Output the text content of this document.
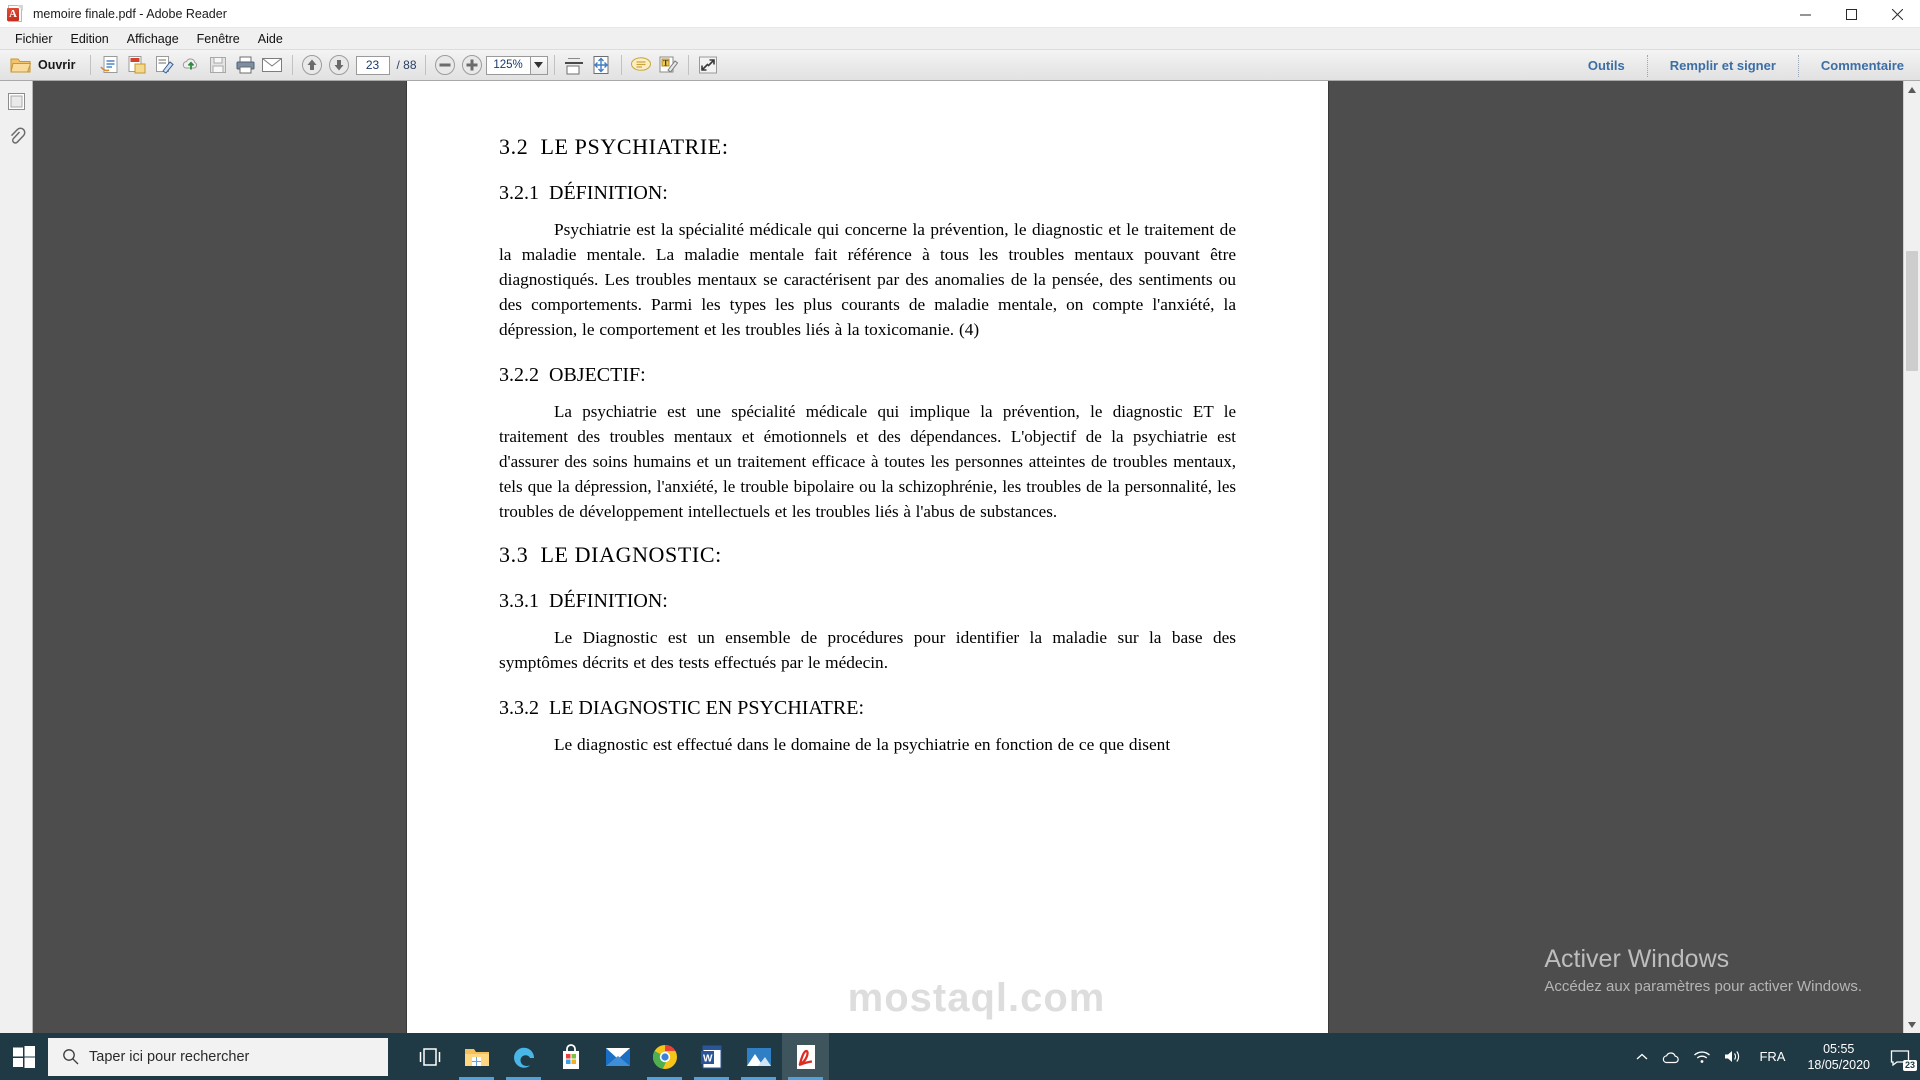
A memoire finale.pdf - Adobe Reader
Fichier	Edition	Affichage	Fenêtre	Aide
Ouvrir	23	/ 88	125%	T	Outils	Remplir et signer	Commentaire
3.2  LE PSYCHIATRIE:
3.2.1  DÉFINITION:

Psychiatrie est la spécialité médicale qui concerne la prévention, le diagnostic et le traitement de la maladie mentale. La maladie mentale fait référence à tous les troubles mentaux pouvant être diagnostiqués. Les troubles mentaux se caractérisent par des anomalies de la pensée, des sentiments ou des comportements. Parmi les types les plus courants de maladie mentale, on compte l'anxiété, la dépression, le comportement et les troubles liés à la toxicomanie. (4)

3.2.2  OBJECTIF:

La psychiatrie est une spécialité médicale qui implique la prévention, le diagnostic ET le traitement des troubles mentaux et émotionnels et des dépendances. L'objectif de la psychiatrie est d'assurer des soins humains et un traitement efficace à toutes les personnes atteintes de troubles mentaux, tels que la dépression, l'anxiété, le trouble bipolaire ou la schizophrénie, les troubles de la personnalité, les troubles de développement intellectuels et les troubles liés à l'abus de substances.

3.3  LE DIAGNOSTIC:
3.3.1  DÉFINITION:

Le Diagnostic est un ensemble de procédures pour identifier la maladie sur la base des symptômes décrits et des tests effectués par le médecin.

3.3.2  LE DIAGNOSTIC EN PSYCHIATRE:

Le diagnostic est effectué dans le domaine de la psychiatrie en fonction de ce que disent

mostaql.com
Activer Windows
Accédez aux paramètres pour activer Windows.
Taper ici pour rechercher	W	FRA
05:55
18/05/2020	23
